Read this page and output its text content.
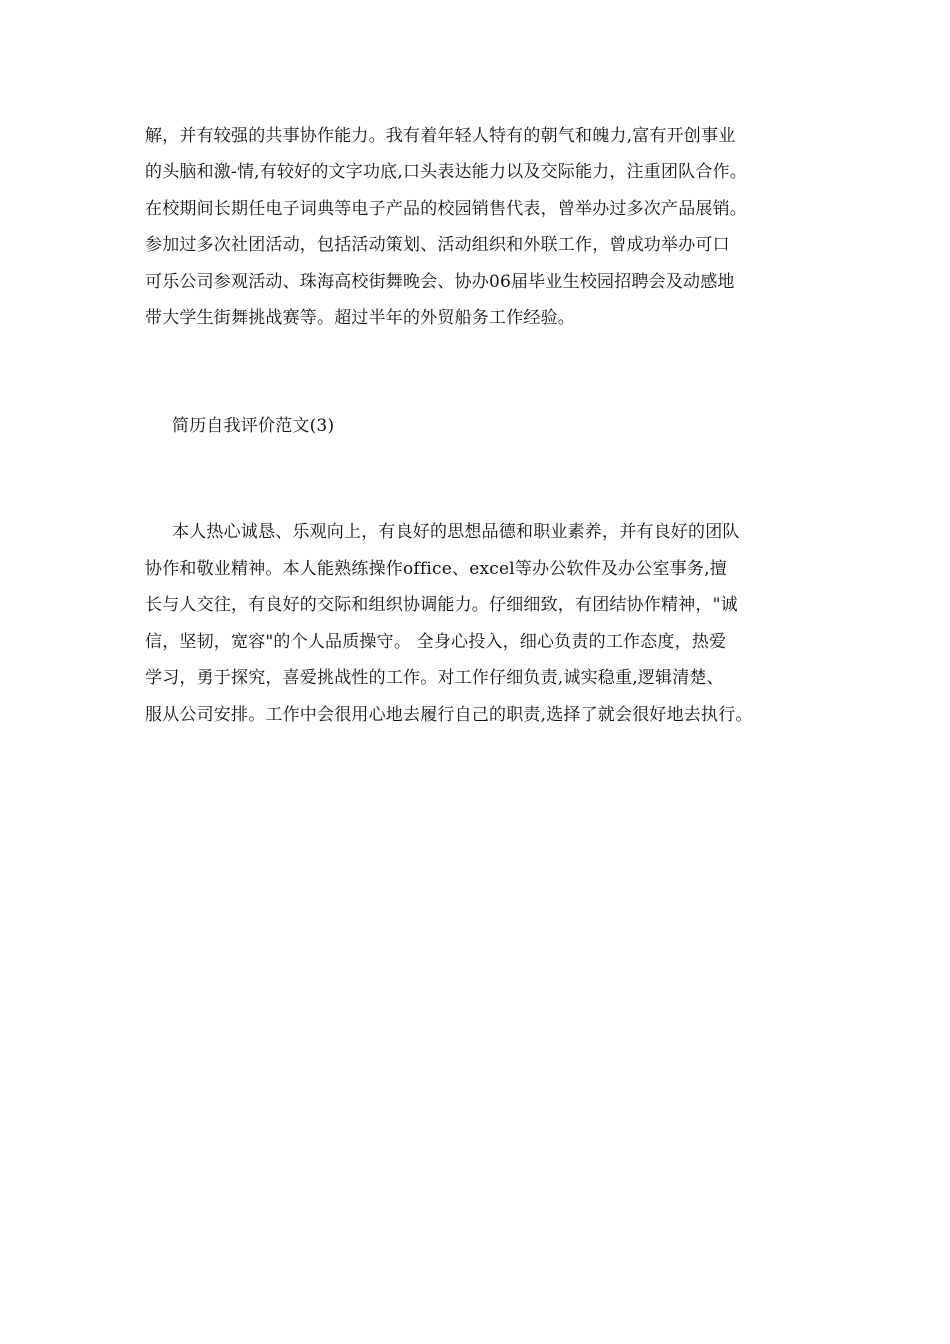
解，并有较强的共事协作能力。我有着年轻人特有的朝气和魄力,富有开创事业
的头脑和激-情,有较好的文字功底,口头表达能力以及交际能力，注重团队合作。
在校期间长期任电子词典等电子产品的校园销售代表，曾举办过多次产品展销。
参加过多次社团活动，包括活动策划、活动组织和外联工作，曾成功举办可口
可乐公司参观活动、珠海高校街舞晚会、协办06届毕业生校园招聘会及动感地
带大学生街舞挑战赛等。超过半年的外贸船务工作经验。
简历自我评价范文(3)
本人热心诚恳、乐观向上，有良好的思想品德和职业素养，并有良好的团队
协作和敬业精神。本人能熟练操作office、excel等办公软件及办公室事务,擅
长与人交往，有良好的交际和组织协调能力。仔细细致，有团结协作精神，"诚
信，坚韧，宽容"的个人品质操守。 全身心投入，细心负责的工作态度，热爱
学习，勇于探究，喜爱挑战性的工作。对工作仔细负责,诚实稳重,逻辑清楚、
服从公司安排。工作中会很用心地去履行自己的职责,选择了就会很好地去执行。
